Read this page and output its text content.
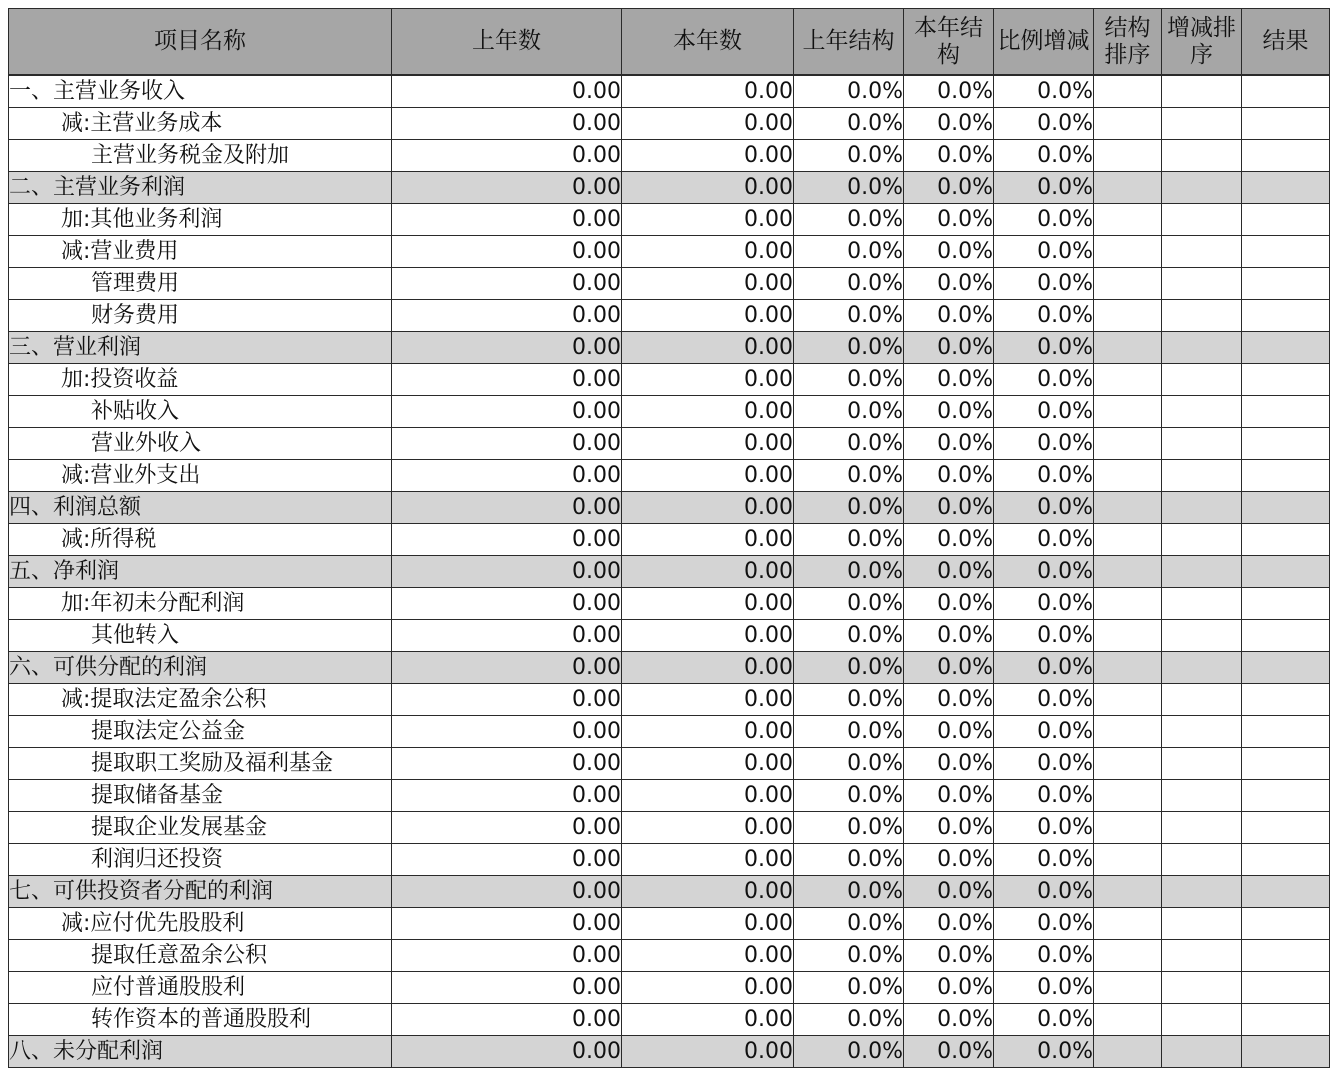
项目名称	上年数	本年数	上年结构	本年结构	比例增减	结构排序	增减排序	结果
一、主营业务收入	0.00	0.00	0.0%	0.0%	0.0%			
减:主营业务成本	0.00	0.00	0.0%	0.0%	0.0%			
主营业务税金及附加	0.00	0.00	0.0%	0.0%	0.0%			
二、主营业务利润	0.00	0.00	0.0%	0.0%	0.0%			
加:其他业务利润	0.00	0.00	0.0%	0.0%	0.0%			
减:营业费用	0.00	0.00	0.0%	0.0%	0.0%			
管理费用	0.00	0.00	0.0%	0.0%	0.0%			
财务费用	0.00	0.00	0.0%	0.0%	0.0%			
三、营业利润	0.00	0.00	0.0%	0.0%	0.0%			
加:投资收益	0.00	0.00	0.0%	0.0%	0.0%			
补贴收入	0.00	0.00	0.0%	0.0%	0.0%			
营业外收入	0.00	0.00	0.0%	0.0%	0.0%			
减:营业外支出	0.00	0.00	0.0%	0.0%	0.0%			
四、利润总额	0.00	0.00	0.0%	0.0%	0.0%			
减:所得税	0.00	0.00	0.0%	0.0%	0.0%			
五、净利润	0.00	0.00	0.0%	0.0%	0.0%			
加:年初未分配利润	0.00	0.00	0.0%	0.0%	0.0%			
其他转入	0.00	0.00	0.0%	0.0%	0.0%			
六、可供分配的利润	0.00	0.00	0.0%	0.0%	0.0%			
减:提取法定盈余公积	0.00	0.00	0.0%	0.0%	0.0%			
提取法定公益金	0.00	0.00	0.0%	0.0%	0.0%			
提取职工奖励及福利基金	0.00	0.00	0.0%	0.0%	0.0%			
提取储备基金	0.00	0.00	0.0%	0.0%	0.0%			
提取企业发展基金	0.00	0.00	0.0%	0.0%	0.0%			
利润归还投资	0.00	0.00	0.0%	0.0%	0.0%			
七、可供投资者分配的利润	0.00	0.00	0.0%	0.0%	0.0%			
减:应付优先股股利	0.00	0.00	0.0%	0.0%	0.0%			
提取任意盈余公积	0.00	0.00	0.0%	0.0%	0.0%			
应付普通股股利	0.00	0.00	0.0%	0.0%	0.0%			
转作资本的普通股股利	0.00	0.00	0.0%	0.0%	0.0%			
八、未分配利润	0.00	0.00	0.0%	0.0%	0.0%			
